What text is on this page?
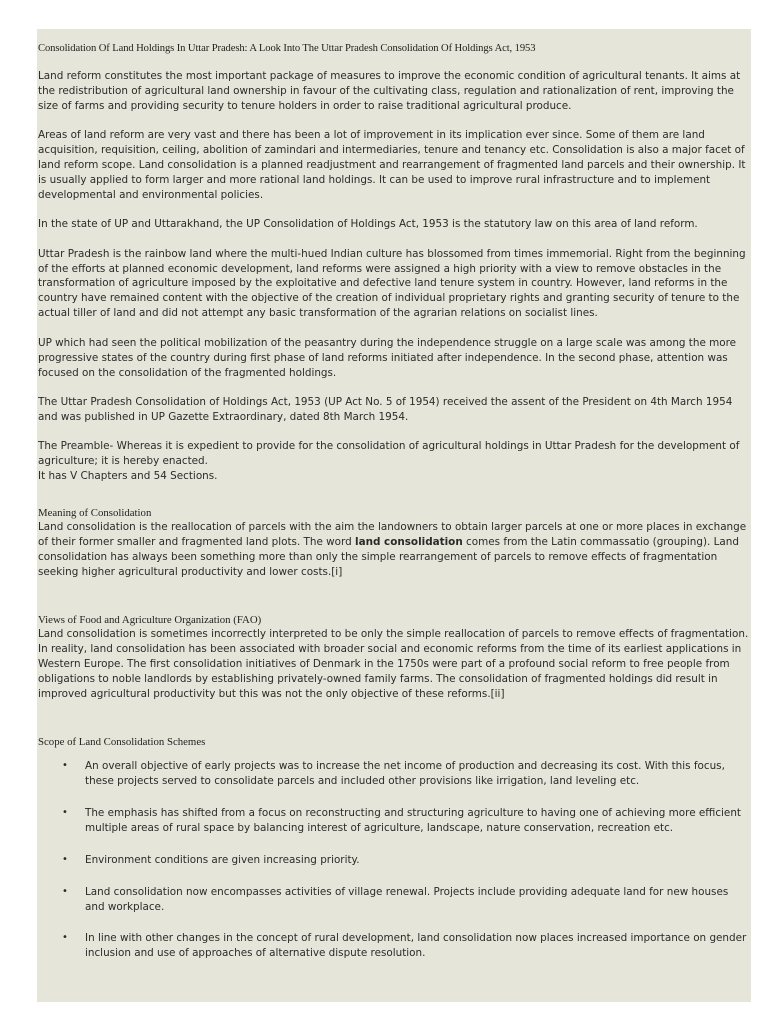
Consolidation Of Land Holdings In Uttar Pradesh: A Look Into The Uttar Pradesh Consolidation Of Holdings Act, 1953

Land reform constitutes the most important package of measures to improve the economic condition of agricultural tenants. It aims at the redistribution of agricultural land ownership in favour of the cultivating class, regulation and rationalization of rent, improving the size of farms and providing security to tenure holders in order to raise traditional agricultural produce.

Areas of land reform are very vast and there has been a lot of improvement in its implication ever since. Some of them are land acquisition, requisition, ceiling, abolition of zamindari and intermediaries, tenure and tenancy etc. Consolidation is also a major facet of land reform scope. Land consolidation is a planned readjustment and rearrangement of fragmented land parcels and their ownership. It is usually applied to form larger and more rational land holdings. It can be used to improve rural infrastructure and to implement developmental and environmental policies.

In the state of UP and Uttarakhand, the UP Consolidation of Holdings Act, 1953 is the statutory law on this area of land reform.

Uttar Pradesh is the rainbow land where the multi-hued Indian culture has blossomed from times immemorial. Right from the beginning of the efforts at planned economic development, land reforms were assigned a high priority with a view to remove obstacles in the transformation of agriculture imposed by the exploitative and defective land tenure system in country. However, land reforms in the country have remained content with the objective of the creation of individual proprietary rights and granting security of tenure to the actual tiller of land and did not attempt any basic transformation of the agrarian relations on socialist lines.

UP which had seen the political mobilization of the peasantry during the independence struggle on a large scale was among the more progressive states of the country during first phase of land reforms initiated after independence. In the second phase, attention was focused on the consolidation of the fragmented holdings.

The Uttar Pradesh Consolidation of Holdings Act, 1953 (UP Act No. 5 of 1954) received the assent of the President on 4th March 1954 and was published in UP Gazette Extraordinary, dated 8th March 1954.

The Preamble- Whereas it is expedient to provide for the consolidation of agricultural holdings in Uttar Pradesh for the development of agriculture; it is hereby enacted.
It has V Chapters and 54 Sections.

Meaning of Consolidation

Land consolidation is the reallocation of parcels with the aim the landowners to obtain larger parcels at one or more places in exchange of their former smaller and fragmented land plots. The word land consolidation comes from the Latin commassatio (grouping). Land consolidation has always been something more than only the simple rearrangement of parcels to remove effects of fragmentation seeking higher agricultural productivity and lower costs.[i]

Views of Food and Agriculture Organization (FAO)

Land consolidation is sometimes incorrectly interpreted to be only the simple reallocation of parcels to remove effects of fragmentation. In reality, land consolidation has been associated with broader social and economic reforms from the time of its earliest applications in Western Europe. The first consolidation initiatives of Denmark in the 1750s were part of a profound social reform to free people from obligations to noble landlords by establishing privately-owned family farms. The consolidation of fragmented holdings did result in improved agricultural productivity but this was not the only objective of these reforms.[ii]

Scope of Land Consolidation Schemes
• An overall objective of early projects was to increase the net income of production and decreasing its cost. With this focus, these projects served to consolidate parcels and included other provisions like irrigation, land leveling etc.
• The emphasis has shifted from a focus on reconstructing and structuring agriculture to having one of achieving more efficient multiple areas of rural space by balancing interest of agriculture, landscape, nature conservation, recreation etc.
• Environment conditions are given increasing priority.
• Land consolidation now encompasses activities of village renewal. Projects include providing adequate land for new houses and workplace.
• In line with other changes in the concept of rural development, land consolidation now places increased importance on gender inclusion and use of approaches of alternative dispute resolution.
